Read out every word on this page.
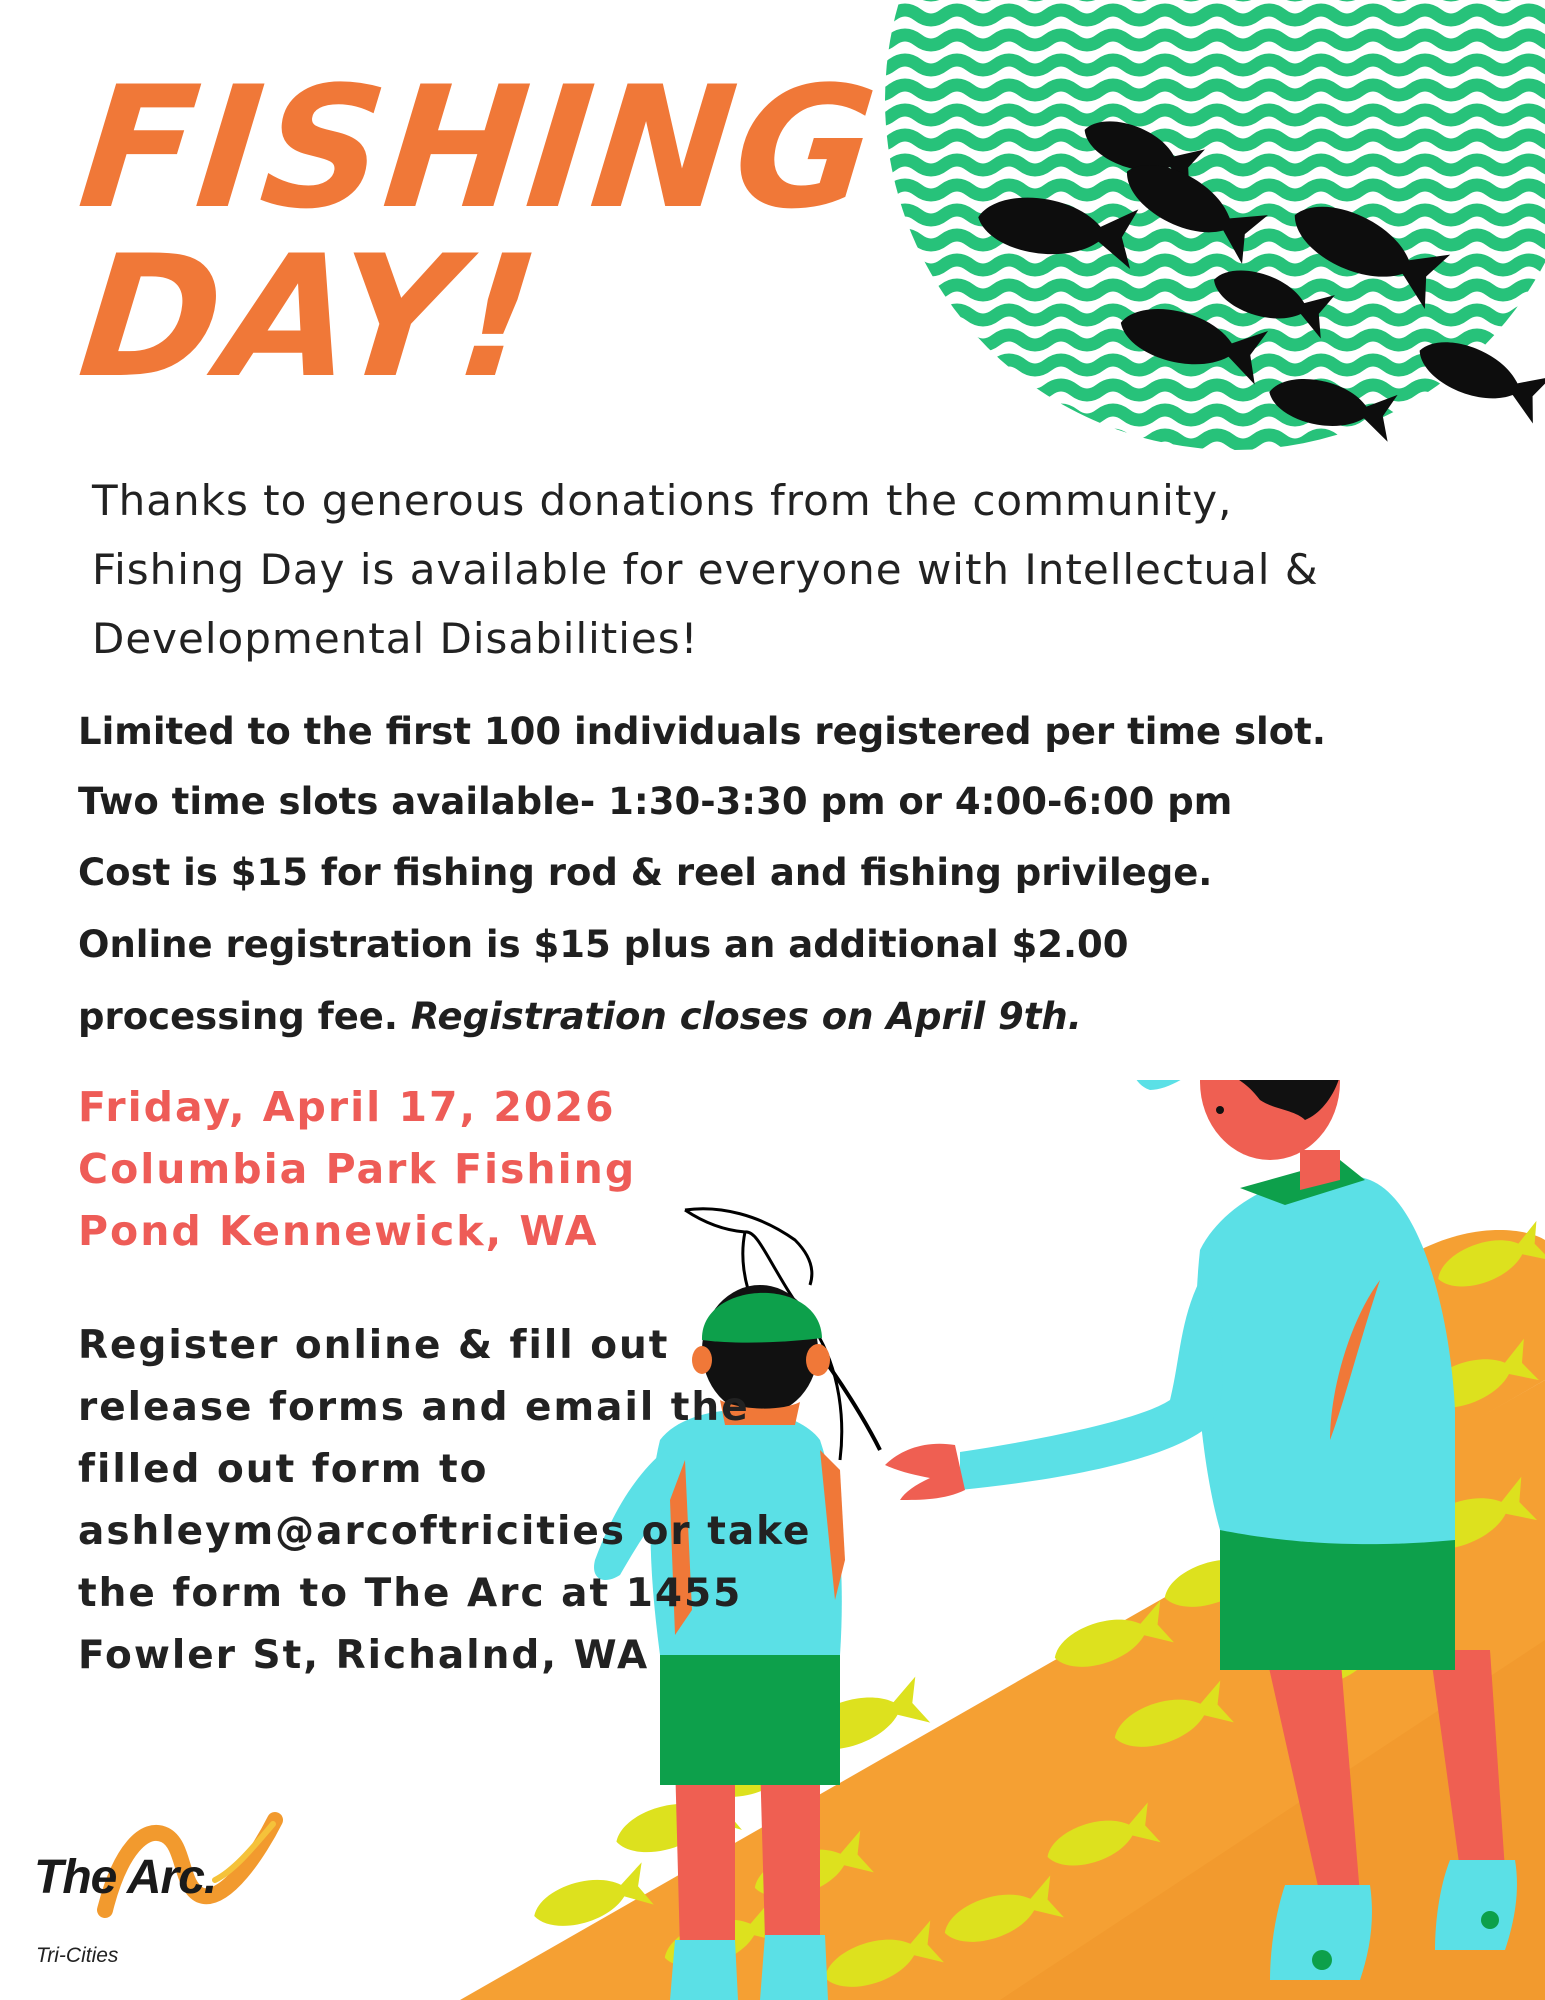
FISHING
DAY!
Thanks to generous donations from the community,
Fishing Day is available for everyone with Intellectual &
Developmental Disabilities!
Limited to the first 100 individuals registered per time slot.
Two time slots available- 1:30-3:30 pm or 4:00-6:00 pm
Cost is $15 for fishing rod & reel and fishing privilege.
Online registration is $15 plus an additional $2.00
processing fee. Registration closes on April 9th.
Friday, April 17, 2026
Columbia Park Fishing
Pond Kennewick, WA
Register online & fill out
release forms and email the
filled out form to
ashleym@arcoftricities or take
the form to The Arc at 1455
Fowler St, Richalnd, WA
The Arc.
Tri-Cities
